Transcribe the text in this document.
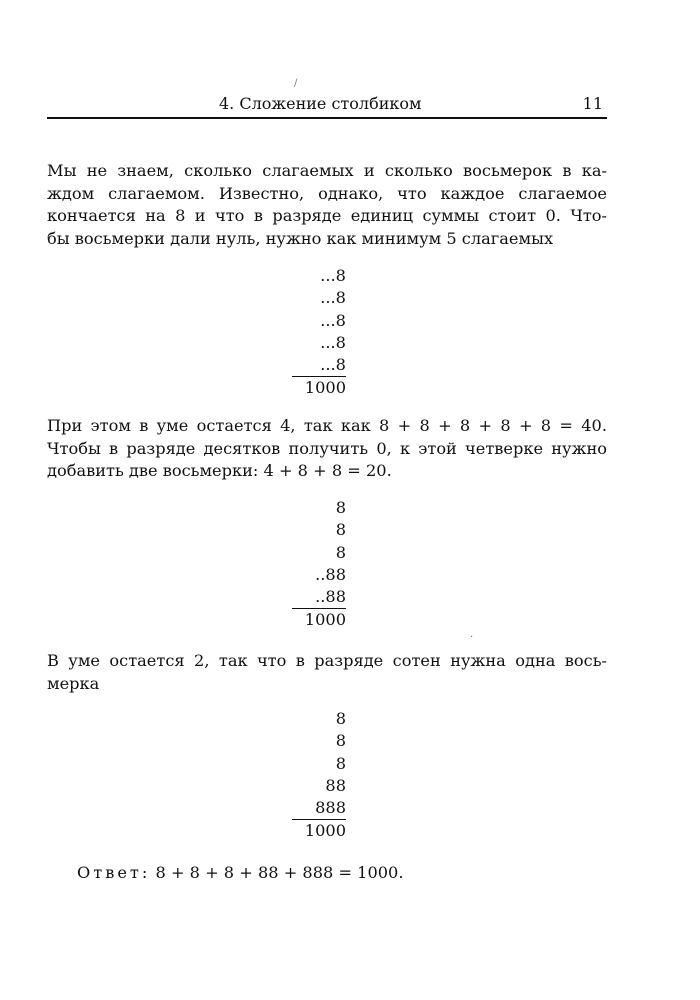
/
4. Сложение столбиком	11
Мы не знаем, сколько слагаемых и сколько восьмерок в ка-
ждом слагаемом. Известно, однако, что каждое слагаемое
кончается на 8 и что в разряде единиц суммы стоит 0. Что-
бы восьмерки дали нуль, нужно как минимум 5 слагаемых
...8
...8
...8
...8
...8
1000
При этом в уме остается 4, так как 8 + 8 + 8 + 8 + 8 = 40.
Чтобы в разряде десятков получить 0, к этой четверке нужно
добавить две восьмерки: 4 + 8 + 8 = 20.
8
8
8
..88
..88
1000
·
В уме остается 2, так что в разряде сотен нужна одна вось-
мерка
8
8
8
88
888
1000
Ответ: 8 + 8 + 8 + 88 + 888 = 1000.
